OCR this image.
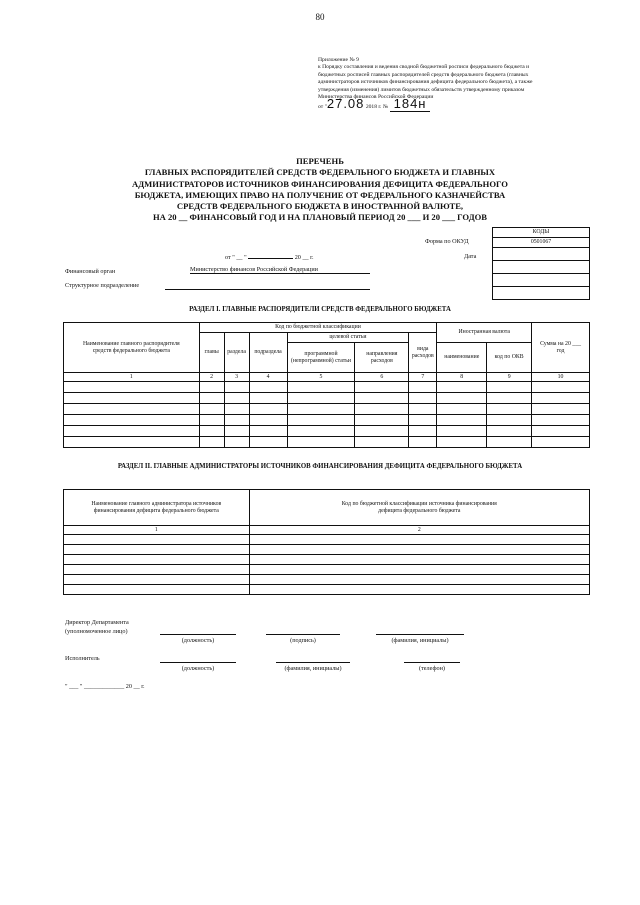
80
Приложение № 9
к Порядку составления и ведения сводной бюджетной росписи федерального бюджета и
бюджетных росписей главных распорядителей средств федерального бюджета (главных
администраторов источников финансирования дефицита федерального бюджета), а также
утверждения (изменения) лимитов бюджетных обязательств утвержденному приказом
Министерства финансов Российской Федерации
от "27.08 2018 г. № 184н
ПЕРЕЧЕНЬ
ГЛАВНЫХ РАСПОРЯДИТЕЛЕЙ СРЕДСТВ ФЕДЕРАЛЬНОГО БЮДЖЕТА И ГЛАВНЫХ
АДМИНИСТРАТОРОВ ИСТОЧНИКОВ ФИНАНСИРОВАНИЯ ДЕФИЦИТА ФЕДЕРАЛЬНОГО
БЮДЖЕТА, ИМЕЮЩИХ ПРАВО НА ПОЛУЧЕНИЕ ОТ ФЕДЕРАЛЬНОГО КАЗНАЧЕЙСТВА
СРЕДСТВ ФЕДЕРАЛЬНОГО БЮДЖЕТА В ИНОСТРАННОЙ ВАЛЮТЕ,
НА 20 __ ФИНАНСОВЫЙ ГОД И НА ПЛАНОВЫЙ ПЕРИОД 20 ___ И 20 ___ ГОДОВ
КОДЫ
0501067

Форма по ОКУД
Дата
от " __ "	20 __ г.
Финансовый орган	Министерство финансов Российской Федерации
Структурное подразделение
РАЗДЕЛ I. ГЛАВНЫЕ РАСПОРЯДИТЕЛИ СРЕДСТВ ФЕДЕРАЛЬНОГО БЮДЖЕТА
Наименование главного распорядителя средств федерального бюджета	Код по бюджетной классификации						Иностранная валюта		Сумма на 20 ___ год
	главы	раздела	подраздела	целевой статьи		вида расходов			
				программной (непрограммной) статьи	направления расходов		наименование	код по ОКВ	
1	2	3	4	5	6	7	8	9	10

РАЗДЕЛ II. ГЛАВНЫЕ АДМИНИСТРАТОРЫ ИСТОЧНИКОВ ФИНАНСИРОВАНИЯ ДЕФИЦИТА ФЕДЕРАЛЬНОГО БЮДЖЕТА
Наименование главного администратора источников финансирования дефицита федерального бюджета	Код по бюджетной классификации источника финансирования дефицита федерального бюджета
1	2

Директор Департамента
(уполномоченное лицо)
(должность)	(подпись)	(фамилия, инициалы)
Исполнитель
(должность)	(фамилия, инициалы)	(телефон)
" ___ " _____________ 20 __ г.
